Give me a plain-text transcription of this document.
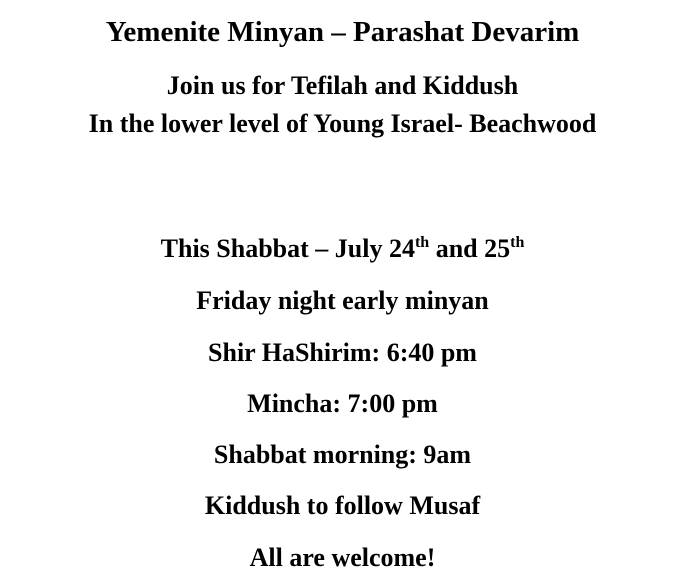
Yemenite Minyan – Parashat Devarim
Join us for Tefilah and Kiddush
In the lower level of Young Israel- Beachwood
This Shabbat – July 24th and 25th
Friday night early minyan
Shir HaShirim: 6:40 pm
Mincha: 7:00 pm
Shabbat morning: 9am
Kiddush to follow Musaf
All are welcome!
